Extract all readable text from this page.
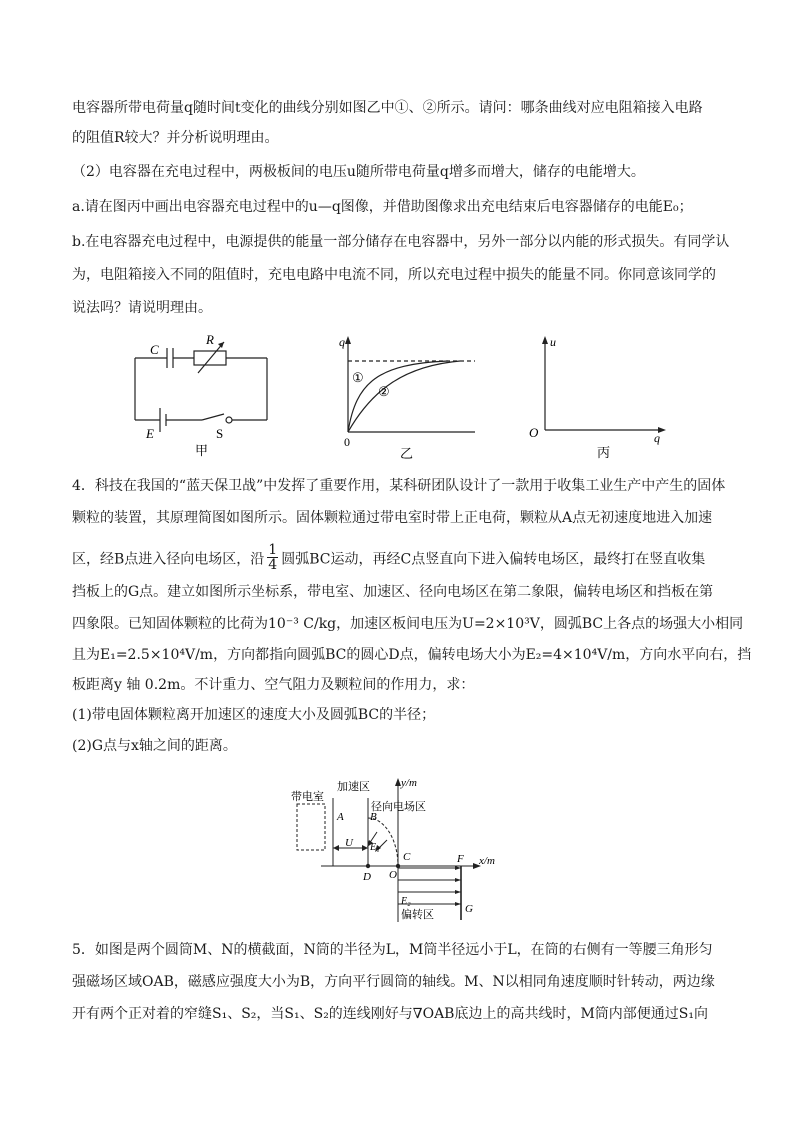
电容器所带电荷量q随时间t变化的曲线分别如图乙中①、②所示。请问：哪条曲线对应电阻箱接入电路

的阻值R较大？并分析说明理由。

（2）电容器在充电过程中，两极板间的电压u随所带电荷量q增多而增大，储存的电能增大。

a.请在图丙中画出电容器充电过程中的u—q图像，并借助图像求出充电结束后电容器储存的电能E₀；

b.在电容器充电过程中，电源提供的能量一部分储存在电容器中，另外一部分以内能的形式损失。有同学认

为，电阻箱接入不同的阻值时，充电电路中电流不同，所以充电过程中损失的能量不同。你同意该同学的

说法吗？请说明理由。

C
R
E	S
甲
q
0
①
②
乙
u
O	q
丙

4．科技在我国的“蓝天保卫战”中发挥了重要作用，某科研团队设计了一款用于收集工业生产中产生的固体

颗粒的装置，其原理简图如图所示。固体颗粒通过带电室时带上正电荷，颗粒从A点无初速度地进入加速

区，经B点进入径向电场区，沿 $\frac{1}{4}$ 圆弧BC运动，再经C点竖直向下进入偏转电场区，最终打在竖直收集

挡板上的G点。建立如图所示坐标系，带电室、加速区、径向电场区在第二象限，偏转电场区和挡板在第

四象限。已知固体颗粒的比荷为10⁻³ C/kg，加速区板间电压为U=2×10³V，圆弧BC上各点的场强大小相同

且为E₁=2.5×10⁴V/m，方向都指向圆弧BC的圆心D点，偏转电场大小为E₂=4×10⁴V/m，方向水平向右，挡

板距离y 轴 0.2m。不计重力、空气阻力及颗粒间的作用力，求：

(1)带电固体颗粒离开加速区的速度大小及圆弧BC的半径；

(2)G点与x轴之间的距离。

带电室
加速区
径向电场区
y/m
x/m
A B
C
D O
F
G
U E₁
E₂
偏转区

5．如图是两个圆筒M、N的横截面，N筒的半径为L，M筒半径远小于L，在筒的右侧有一等腰三角形匀

强磁场区域OAB，磁感应强度大小为B，方向平行圆筒的轴线。M、N以相同角速度顺时针转动，两边缘

开有两个正对着的窄缝S₁、S₂，当S₁、S₂的连线刚好与∇OAB底边上的高共线时，M筒内部便通过S₁向
